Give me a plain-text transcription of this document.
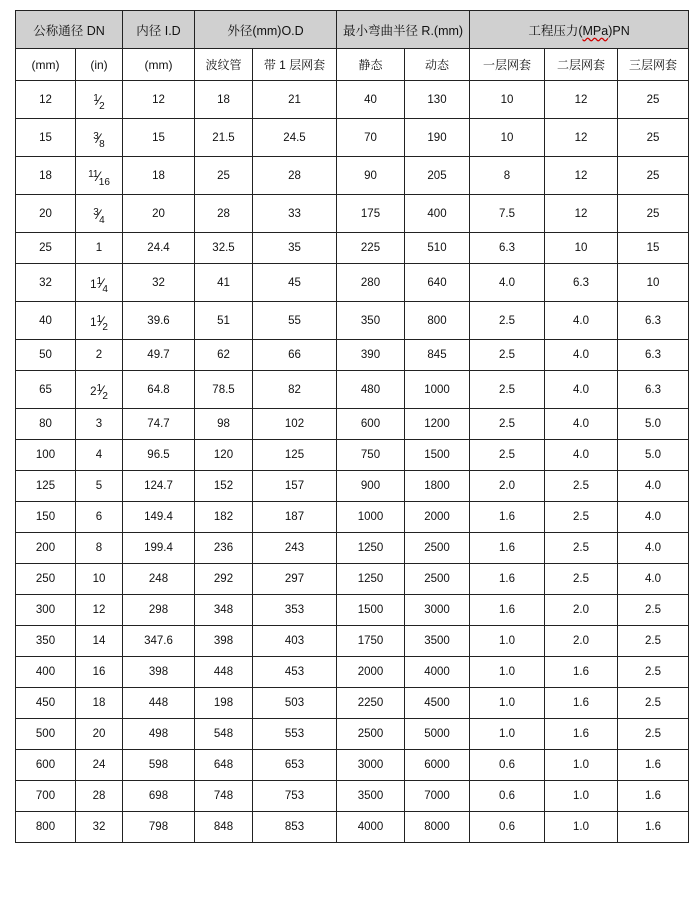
公称通径 DN		内径 I.D	外径(mm)O.D		最小弯曲半径 R.(mm)		工程压力(MPa)PN		
(mm)	(in)	(mm)	波纹管	带 1 层网套	静态	动态	一层网套	二层网套	三层网套
12	1⁄2	12	18	21	40	130	10	12	25
15	3⁄8	15	21.5	24.5	70	190	10	12	25
18	11⁄16	18	25	28	90	205	8	12	25
20	3⁄4	20	28	33	175	400	7.5	12	25
25	1	24.4	32.5	35	225	510	6.3	10	15
32	11⁄4	32	41	45	280	640	4.0	6.3	10
40	11⁄2	39.6	51	55	350	800	2.5	4.0	6.3
50	2	49.7	62	66	390	845	2.5	4.0	6.3
65	21⁄2	64.8	78.5	82	480	1000	2.5	4.0	6.3
80	3	74.7	98	102	600	1200	2.5	4.0	5.0
100	4	96.5	120	125	750	1500	2.5	4.0	5.0
125	5	124.7	152	157	900	1800	2.0	2.5	4.0
150	6	149.4	182	187	1000	2000	1.6	2.5	4.0
200	8	199.4	236	243	1250	2500	1.6	2.5	4.0
250	10	248	292	297	1250	2500	1.6	2.5	4.0
300	12	298	348	353	1500	3000	1.6	2.0	2.5
350	14	347.6	398	403	1750	3500	1.0	2.0	2.5
400	16	398	448	453	2000	4000	1.0	1.6	2.5
450	18	448	198	503	2250	4500	1.0	1.6	2.5
500	20	498	548	553	2500	5000	1.0	1.6	2.5
600	24	598	648	653	3000	6000	0.6	1.0	1.6
700	28	698	748	753	3500	7000	0.6	1.0	1.6
800	32	798	848	853	4000	8000	0.6	1.0	1.6
